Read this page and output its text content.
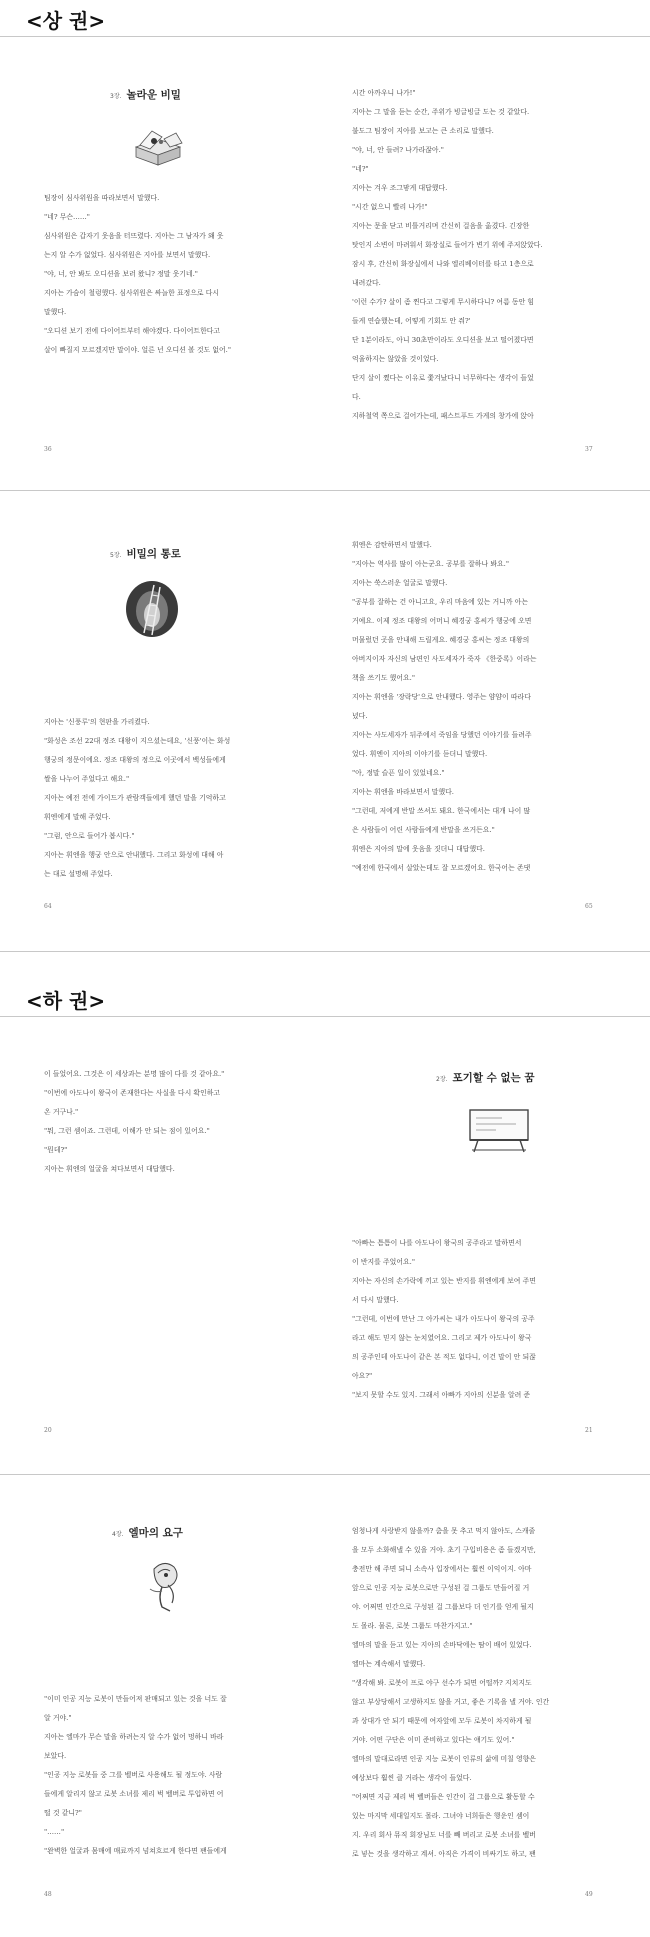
<상 권>
3장. 놀라운 비밀

팀장이 심사위원을 따라보면서 말했다.

"네? 무슨……"

심사위원은 갑자기 웃음을 터뜨렸다. 지아는 그 남자가 왜 웃

는지 알 수가 없었다. 심사위원은 지아를 보면서 말했다.

"야, 너, 안 봐도 오디션을 보러 왔니? 정말 웃기네."

지아는 가슴이 철렁했다. 심사위원은 싸늘한 표정으로 다시

말했다.

"오디션 보기 전에 다이어트부터 해야겠다. 다이어트한다고

살이 빠질지 모르겠지만 말이야. 얼른 넌 오디션 볼 것도 없어."

시간 아까우니 나가!"

지아는 그 말을 듣는 순간, 주위가 빙글빙글 도는 것 같았다.

불도그 팀장이 지아를 보고는 큰 소리로 말했다.

"야, 너, 안 들려? 나가라잖아."

"네?"

지아는 겨우 조그맣게 대답했다.

"시간 없으니 빨리 나가!"

지아는 문을 닫고 비틀거리며 간신히 걸음을 옮겼다. 긴장한

탓인지 소변이 마려워서 화장실로 들어가 변기 위에 주저앉았다.

잠시 후, 간신히 화장실에서 나와 엘리베이터를 타고 1층으로

내려갔다.

'이런 수가? 살이 좀 찐다고 그렇게 무시하다니? 여름 동안 힘

들게 연습했는데, 어떻게 기회도 안 줘?'

단 1분이라도, 아니 30초만이라도 오디션을 보고 떨어졌다면

억울하지는 않았을 것이었다.

단지 살이 쪘다는 이유로 쫓겨났다니 너무하다는 생각이 들었

다.

지하철역 쪽으로 걸어가는데, 패스트푸드 가게의 창가에 앉아

36	37
5장. 비밀의 통로

지아는 '신풍루'의 현판을 가리켰다.

"화성은 조선 22대 정조 대왕이 지으셨는데요, '신풍'이는 화성

행궁의 정문이에요. 정조 대왕의 정으로 이곳에서 백성들에게

쌀을 나누어 주었다고 해요."

지아는 예전 전에 가이드가 관람객들에게 했던 말을 기억하고

휘엔에게 말해 주었다.

"그럼, 안으로 들어가 봅시다."

지아는 휘엔을 행궁 안으로 안내했다. 그리고 화성에 대해 아

는 대로 설명해 주었다.

휘엔은 감탄하면서 말했다.

"지아는 역사를 많이 아는군요. 공부를 잘하나 봐요."

지아는 쑥스러운 얼굴로 말했다.

"공부를 잘하는 건 아니고요, 우리 마음에 있는 거니까 아는

거예요. 이제 정조 대왕의 어머니 혜경궁 홍씨가 행궁에 오면

머물렀던 곳을 안내해 드릴게요. 혜경궁 홍씨는 정조 대왕의

아버지이자 자신의 남편인 사도세자가 죽자 《한중록》이라는

책을 쓰기도 했어요."

지아는 휘엔을 '장락당'으로 안내했다. 영주는 얌얌이 따라다

녔다.

지아는 사도세자가 뒤주에서 죽임을 당했던 이야기를 들려주

었다. 휘엔이 지아의 이야기를 듣더니 말했다.

"아, 정말 슬픈 일이 있었네요."

지아는 휘엔을 바라보면서 말했다.

"그런데, 저에게 반말 쓰셔도 돼요. 한국에서는 대개 나이 많

은 사람들이 어린 사람들에게 반말을 쓰거든요."

휘엔은 지아의 말에 웃음을 짓더니 대답했다.

"예전에 한국에서 살았는데도 잘 모르겠어요. 한국어는 존댓

64	65
<하 권>

이 들었어요. 그것은 이 세상과는 분명 많이 다를 것 같아요."

"이번에 아도나이 왕국이 존재한다는 사실을 다시 확인하고

온 거구나."

"뭐, 그런 셈이죠. 그런데, 이해가 안 되는 점이 있어요."

"뭔데?"

지아는 휘엔의 얼굴을 쳐다보면서 대답했다.

2장. 포기할 수 없는 꿈

"아빠는 틈틈이 나를 아도나이 왕국의 공주라고 말하면서

이 반지를 주었어요."

지아는 자신의 손가락에 끼고 있는 반지를 휘엔에게 보여 주면

서 다시 말했다.

"그런데, 이번에 만난 그 아가씨는 내가 아도나이 왕국의 공주

라고 해도 믿지 않는 눈치였어요. 그리고 제가 아도나이 왕국

의 공주인데 아도나이 같은 본 적도 없다니, 이건 말이 안 되잖

아요?"

"보지 못할 수도 있지. 그래서 아빠가 지아의 신분을 알려 준

20	21
4장. 엘마의 요구

"이미 인공 지능 로봇이 만들어져 판매되고 있는 것을 너도 잘

알 거야."

지아는 엘마가 무슨 말을 하려는지 알 수가 없어 멍하니 바라

보았다.

"인공 지능 로봇들 중 그를 벨버로 사용해도 될 정도야. 사람

들에게 알리지 않고 로봇 소녀를 제리 벅 벨버로 투입하면 어

떨 것 같니?"

"……"

"완벽한 얼굴과 몸매에 매료까지 넘쳐흐르게 한다면 팬들에게

엄청나게 사랑받지 않을까? 춤을 못 추고 먹지 않아도, 스캐줄

을 모두 소화해낼 수 있을 거야. 초기 구입비용은 좀 들겠지만,

충전만 해 주면 되니 소속사 입장에서는 훨씬 이익이지. 아마

앞으로 인공 지능 로봇으로만 구성된 걸 그룹도 만들어질 거

야. 어쩌면 인간으로 구성된 걸 그룹보다 더 인기를 얻게 될지

도 몰라. 물론, 로봇 그룹도 마찬가지고."

엘마의 말을 듣고 있는 지아의 손바닥에는 땀이 배어 있었다.

엘마는 계속해서 말했다.

"생각해 봐. 로봇이 프로 야구 선수가 되면 어떨까? 지치지도

않고 부상당해서 고생하지도 않을 거고, 좋은 기록을 낼 거야. 인간

과 상대가 안 되기 때문에 여자앞에 모두 로봇이 차지하게 될

거야. 어떤 구단은 이미 준비하고 있다는 얘기도 있어."

엘마의 말대로라면 인공 지능 로봇이 인류의 삶에 미칠 영향은

예상보다 훨씬 클 거라는 생각이 들었다.

"어쩌면 지금 제리 벅 벨버들은 인간이 걸 그룹으로 활동할 수

있는 마지막 세대일지도 몰라. 그녀야 너희들은 행운인 셈이

지. 우리 회사 뮤직 회장님도 너를 빼 버리고 로봇 소녀를 벨버

로 넣는 것을 생각하고 계셔. 아직은 가격이 비싸기도 하고, 팬

48	49
